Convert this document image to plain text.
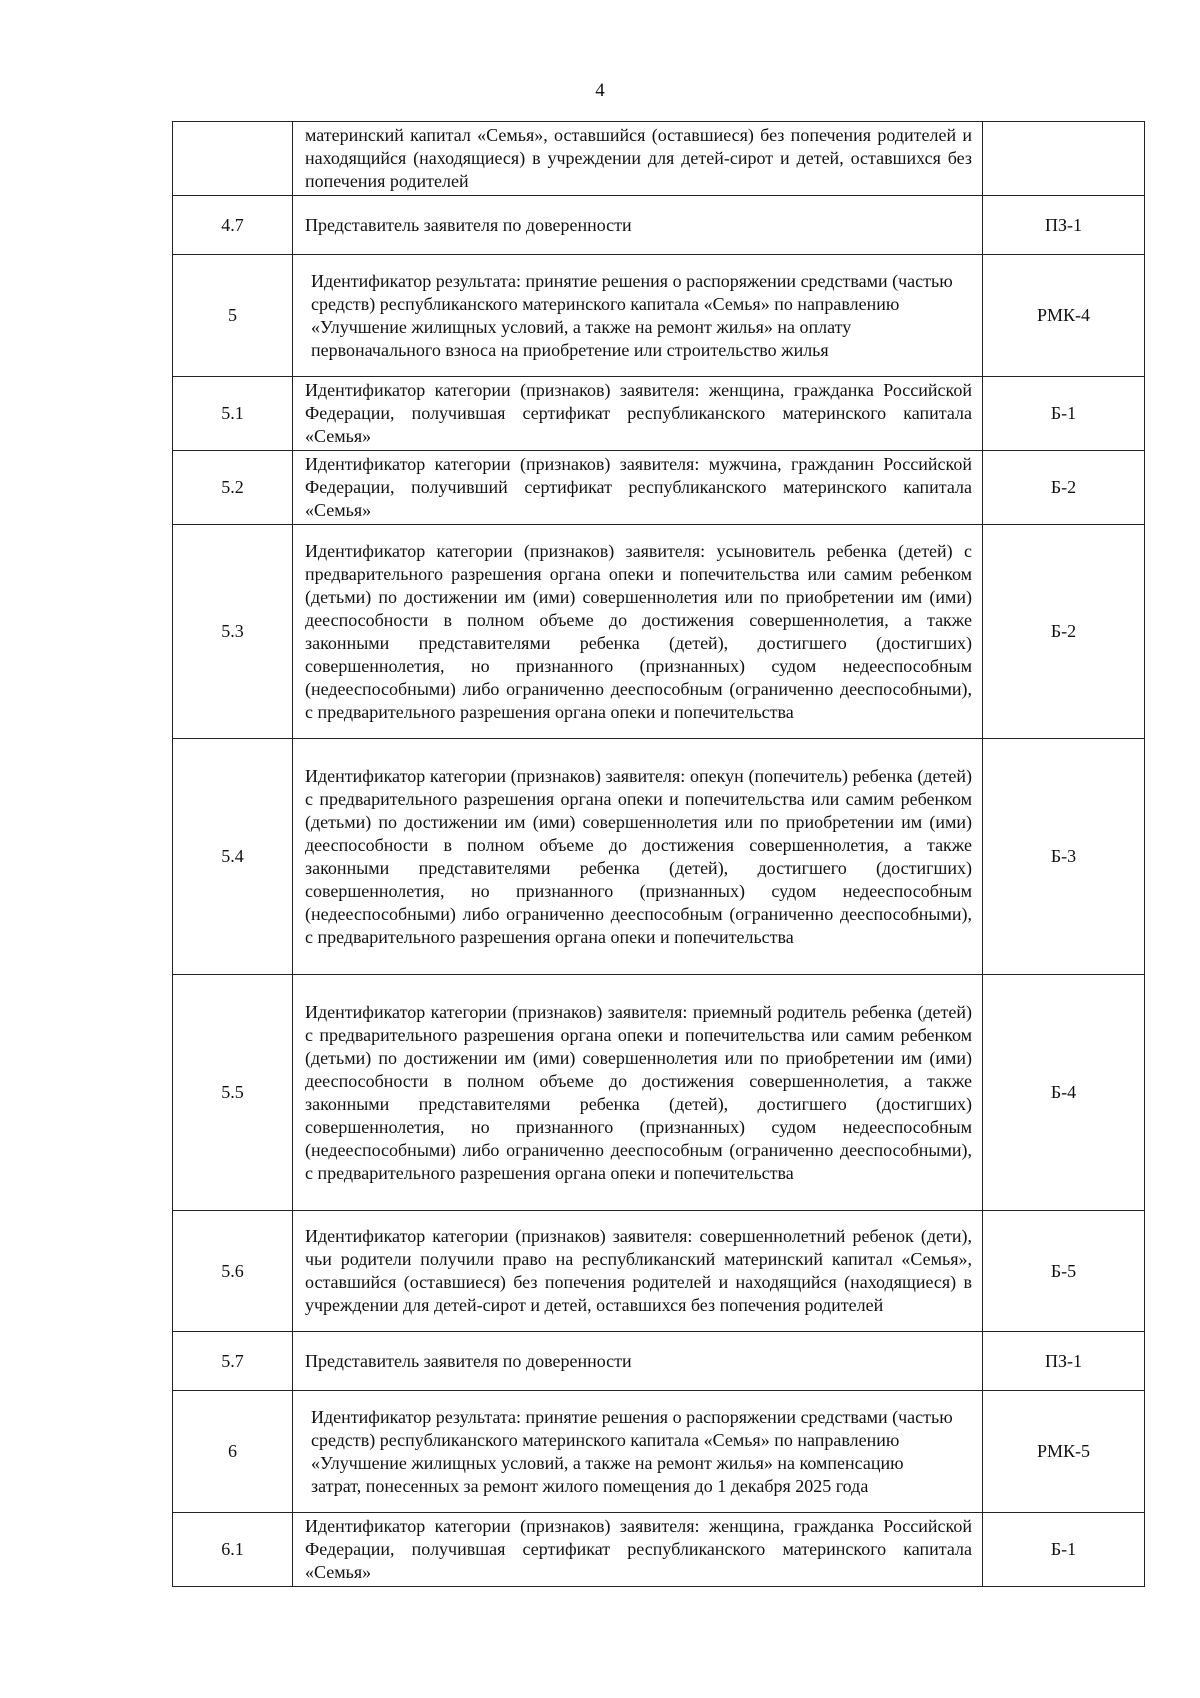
4
	материнский капитал «Семья», оставшийся (оставшиеся) без попечения родителей и находящийся (находящиеся) в учреждении для детей-сирот и детей, оставшихся без попечения родителей	
4.7	Представитель заявителя по доверенности	ПЗ-1
5	Идентификатор результата: принятие решения о распоряжении средствами (частью средств) республиканского материнского капитала «Семья» по направлению «Улучшение жилищных условий, а также на ремонт жилья» на оплату первоначального взноса на приобретение или строительство жилья	РМК-4
5.1	Идентификатор категории (признаков) заявителя: женщина, гражданка Российской Федерации, получившая сертификат республиканского материнского капитала «Семья»	Б-1
5.2	Идентификатор категории (признаков) заявителя: мужчина, гражданин Российской Федерации, получивший сертификат республиканского материнского капитала «Семья»	Б-2
5.3	Идентификатор категории (признаков) заявителя: усыновитель ребенка (детей) с предварительного разрешения органа опеки и попечительства или самим ребенком (детьми) по достижении им (ими) совершеннолетия или по приобретении им (ими) дееспособности в полном объеме до достижения совершеннолетия, а также законными представителями ребенка (детей), достигшего (достигших) совершеннолетия, но признанного (признанных) судом недееспособным (недееспособными) либо ограниченно дееспособным (ограниченно дееспособными), с предварительного разрешения органа опеки и попечительства	Б-2
5.4	Идентификатор категории (признаков) заявителя: опекун (попечитель) ребенка (детей) с предварительного разрешения органа опеки и попечительства или самим ребенком (детьми) по достижении им (ими) совершеннолетия или по приобретении им (ими) дееспособности в полном объеме до достижения совершеннолетия, а также законными представителями ребенка (детей), достигшего (достигших) совершеннолетия, но признанного (признанных) судом недееспособным (недееспособными) либо ограниченно дееспособным (ограниченно дееспособными), с предварительного разрешения органа опеки и попечительства	Б-3
5.5	Идентификатор категории (признаков) заявителя: приемный родитель ребенка (детей) с предварительного разрешения органа опеки и попечительства или самим ребенком (детьми) по достижении им (ими) совершеннолетия или по приобретении им (ими) дееспособности в полном объеме до достижения совершеннолетия, а также законными представителями ребенка (детей), достигшего (достигших) совершеннолетия, но признанного (признанных) судом недееспособным (недееспособными) либо ограниченно дееспособным (ограниченно дееспособными), с предварительного разрешения органа опеки и попечительства	Б-4
5.6	Идентификатор категории (признаков) заявителя: совершеннолетний ребенок (дети), чьи родители получили право на республиканский материнский капитал «Семья», оставшийся (оставшиеся) без попечения родителей и находящийся (находящиеся) в учреждении для детей-сирот и детей, оставшихся без попечения родителей	Б-5
5.7	Представитель заявителя по доверенности	ПЗ-1
6	Идентификатор результата: принятие решения о распоряжении средствами (частью средств) республиканского материнского капитала «Семья» по направлению «Улучшение жилищных условий, а также на ремонт жилья» на компенсацию затрат, понесенных за ремонт жилого помещения до 1 декабря 2025 года	РМК-5
6.1	Идентификатор категории (признаков) заявителя: женщина, гражданка Российской Федерации, получившая сертификат республиканского материнского капитала «Семья»	Б-1
